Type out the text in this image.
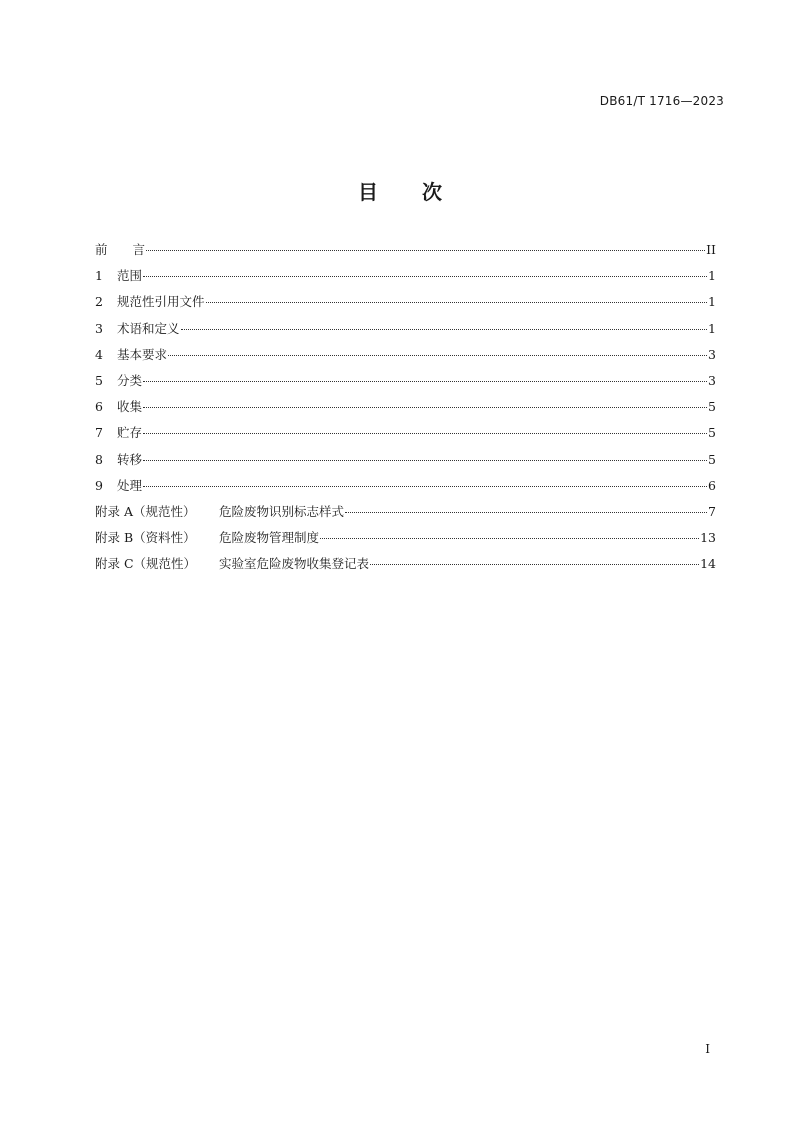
DB61/T 1716—2023
目 次
前　　言	II
1 范围	1
2 规范性引用文件	1
3 术语和定义	1
4 基本要求	3
5 分类	3
6 收集	5
7 贮存	5
8 转移	5
9 处理	6
附录 A（规范性） 危险废物识别标志样式	7
附录 B（资料性） 危险废物管理制度	13
附录 C（规范性） 实验室危险废物收集登记表	14
I
